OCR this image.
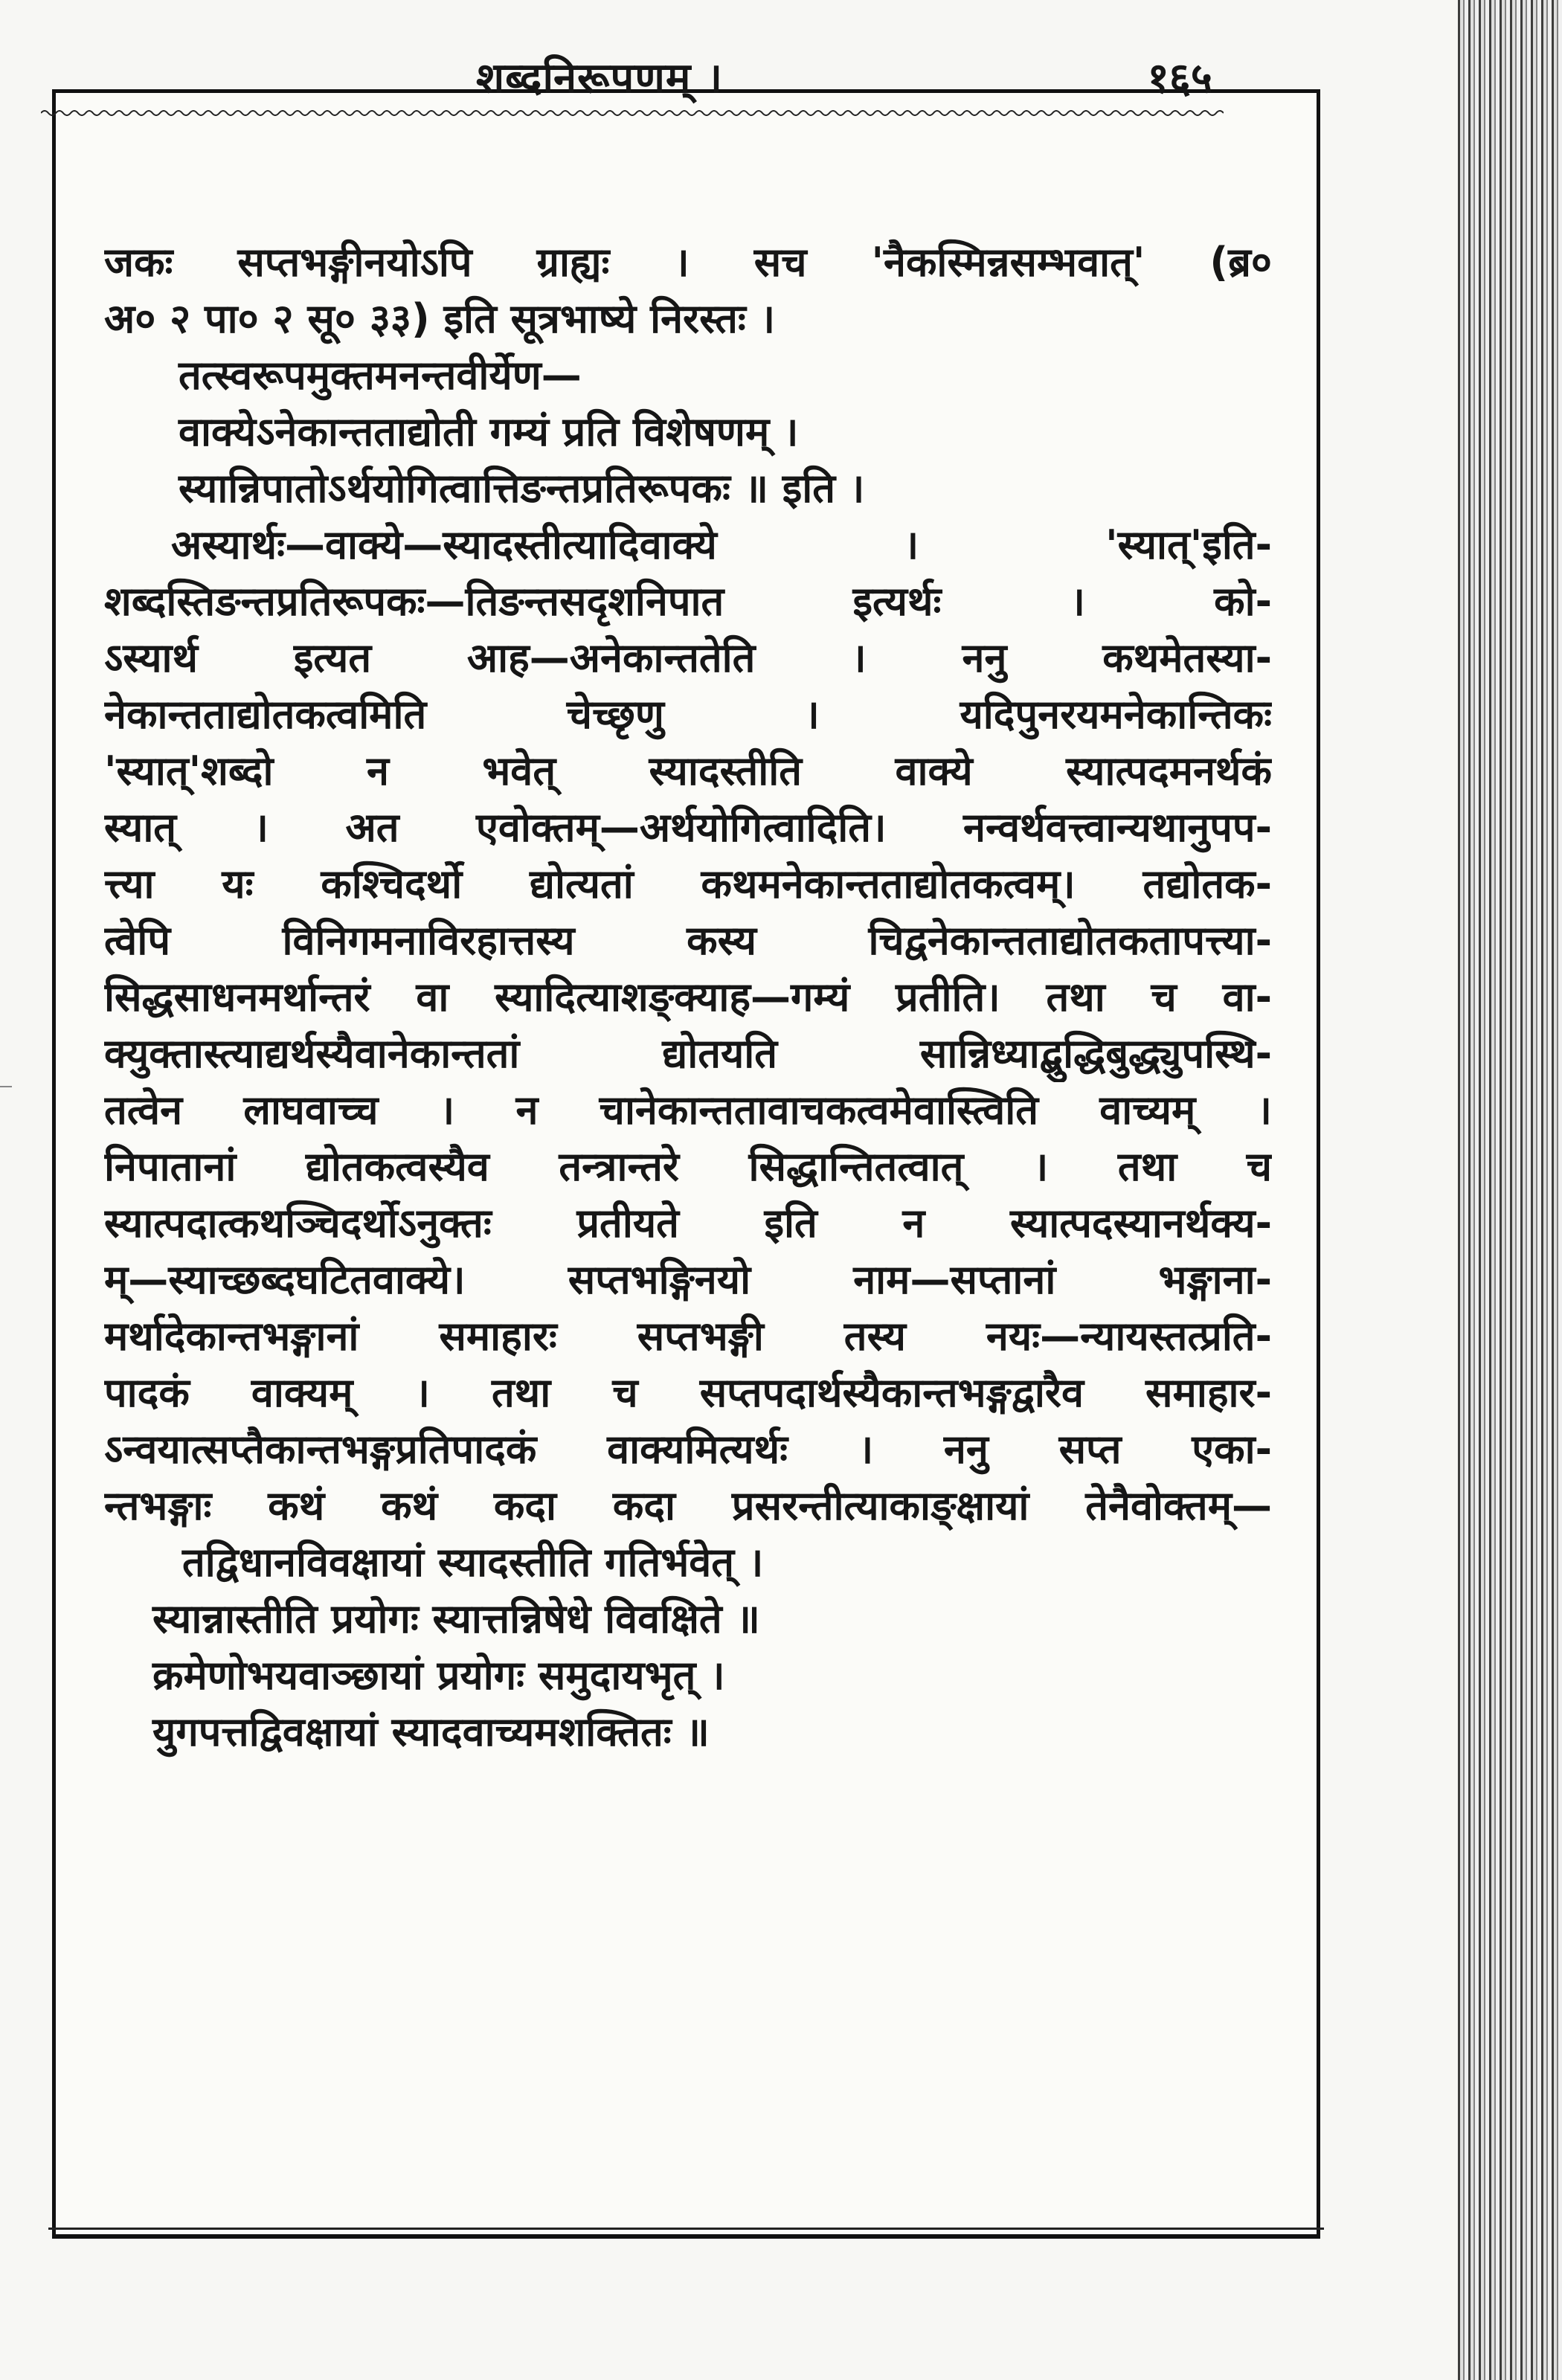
शब्दनिरूपणम् ।	१६५
जकः सप्तभङ्गीनयोऽपि ग्राह्यः । सच 'नैकस्मिन्नसम्भवात्' (ब्र०
अ० २ पा० २ सू० ३३) इति सूत्रभाष्ये निरस्तः ।
तत्स्वरूपमुक्तमनन्तवीर्येण—
वाक्येऽनेकान्तताद्योती गम्यं प्रति विशेषणम् ।
स्यान्निपातोऽर्थयोगित्वात्तिङन्तप्रतिरूपकः ॥ इति ।
अस्यार्थः—वाक्ये—स्यादस्तीत्यादिवाक्ये । 'स्यात्'इति-
शब्दस्तिङन्तप्रतिरूपकः—तिङन्तसदृशनिपात इत्यर्थः । को-
ऽस्यार्थ इत्यत आह—अनेकान्ततेति । ननु कथमेतस्या-
नेकान्तताद्योतकत्वमिति चेच्छृणु । यदिपुनरयमनेकान्तिकः
'स्यात्'शब्दो न भवेत् स्यादस्तीति वाक्ये स्यात्पदमनर्थकं
स्यात् । अत एवोक्तम्—अर्थयोगित्वादिति। नन्वर्थवत्त्वान्यथानुपप-
त्त्या यः कश्चिदर्थो द्योत्यतां कथमनेकान्तताद्योतकत्वम्। तद्योतक-
त्वेपि विनिगमनाविरहात्तस्य कस्य चिद्वनेकान्तताद्योतकतापत्त्या-
सिद्धसाधनमर्थान्तरं वा स्यादित्याशङ्क्याह—गम्यं प्रतीति। तथा च वा-
क्युक्तास्त्याद्यर्थस्यैवानेकान्ततां द्योतयति सान्निध्याद्बुद्धिबुद्ध्युपस्थि-
तत्वेन लाघवाच्च । न चानेकान्ततावाचकत्वमेवास्त्विति वाच्यम् ।
निपातानां द्योतकत्वस्यैव तन्त्रान्तरे सिद्धान्तितत्वात् । तथा च
स्यात्पदात्कथञ्चिदर्थोऽनुक्तः प्रतीयते इति न स्यात्पदस्यानर्थक्य-
म्—स्याच्छब्दघटितवाक्ये। सप्तभङ्गिनयो नाम—सप्तानां भङ्गाना-
मर्थादेकान्तभङ्गानां समाहारः सप्तभङ्गी तस्य नयः—न्यायस्तत्प्रति-
पादकं वाक्यम् । तथा च सप्तपदार्थस्यैकान्तभङ्गद्वारैव समाहार-
ऽन्वयात्सप्तैकान्तभङ्गप्रतिपादकं वाक्यमित्यर्थः । ननु सप्त एका-
न्तभङ्गाः कथं कथं कदा कदा प्रसरन्तीत्याकाङ्क्षायां तेनैवोक्तम्—
तद्विधानविवक्षायां स्यादस्तीति गतिर्भवेत् ।
स्यान्नास्तीति प्रयोगः स्यात्तन्निषेधे विवक्षिते ॥
क्रमेणोभयवाञ्छायां प्रयोगः समुदायभृत् ।
युगपत्तद्विवक्षायां स्यादवाच्यमशक्तितः ॥
